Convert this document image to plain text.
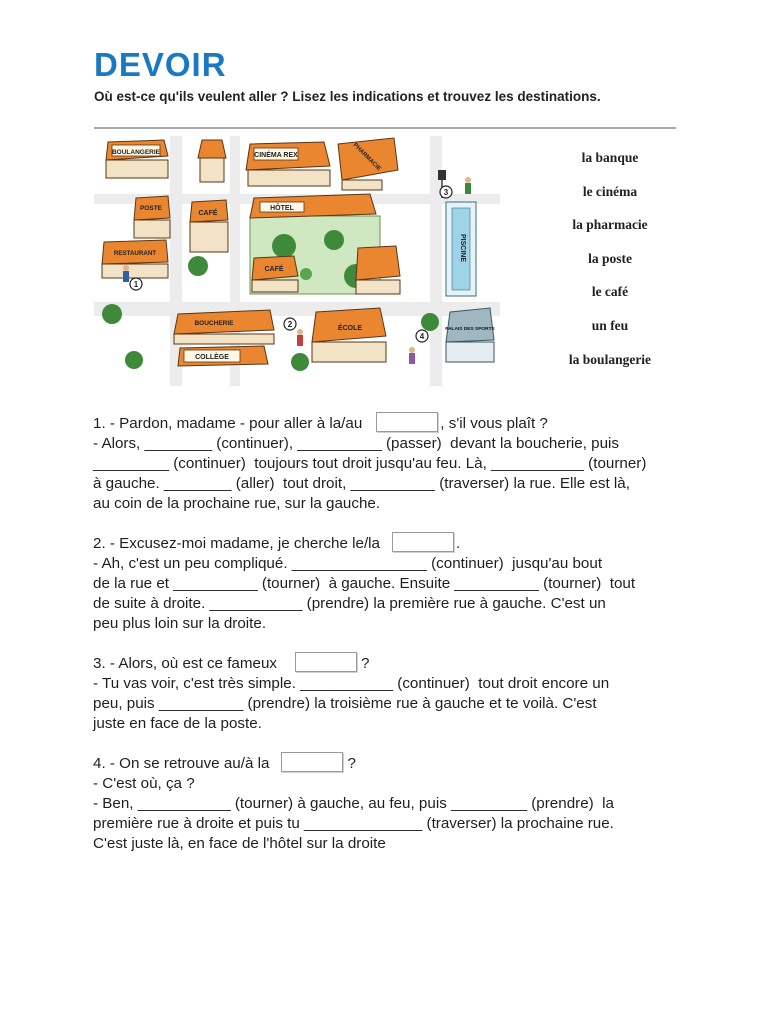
DEVOIR

Où est-ce qu'ils veulent aller ? Lisez les indications et trouvez les destinations.

BOULANGERIE	CINÉMA REX	PHARMACIE
POSTE
CAFÉ
RESTAURANT
HÔTEL
CAFÉ
PISCINE
BOUCHERIE
COLLÈGE
ÉCOLE	PALAIS DES SPORTS
1
2
3
4
la banque
le cinéma
la pharmacie
la poste
le café
un feu
la boulangerie
1. - Pardon, madame - pour aller à la/au	, s'il vous plaît ?
- Alors, ________ (continuer), __________ (passer)  devant la boucherie, puis
_________ (continuer)  toujours tout droit jusqu'au feu. Là, ___________ (tourner)
à gauche. ________ (aller)  tout droit, __________ (traverser) la rue. Elle est là,
au coin de la prochaine rue, sur la gauche.
2. - Excusez-moi madame, je cherche le/la	.
- Ah, c'est un peu compliqué. ________________ (continuer)  jusqu'au bout
de la rue et __________ (tourner)  à gauche. Ensuite __________ (tourner)  tout
de suite à droite. ___________ (prendre) la première rue à gauche. C'est un
peu plus loin sur la droite.
3. - Alors, où est ce fameux	?
- Tu vas voir, c'est très simple. ___________ (continuer)  tout droit encore un
peu, puis __________ (prendre) la troisième rue à gauche et te voilà. C'est
juste en face de la poste.
4. - On se retrouve au/à la	?
- C'est où, ça ?
- Ben, ___________ (tourner) à gauche, au feu, puis _________ (prendre)  la
première rue à droite et puis tu ______________ (traverser) la prochaine rue.
C'est juste là, en face de l'hôtel sur la droite
